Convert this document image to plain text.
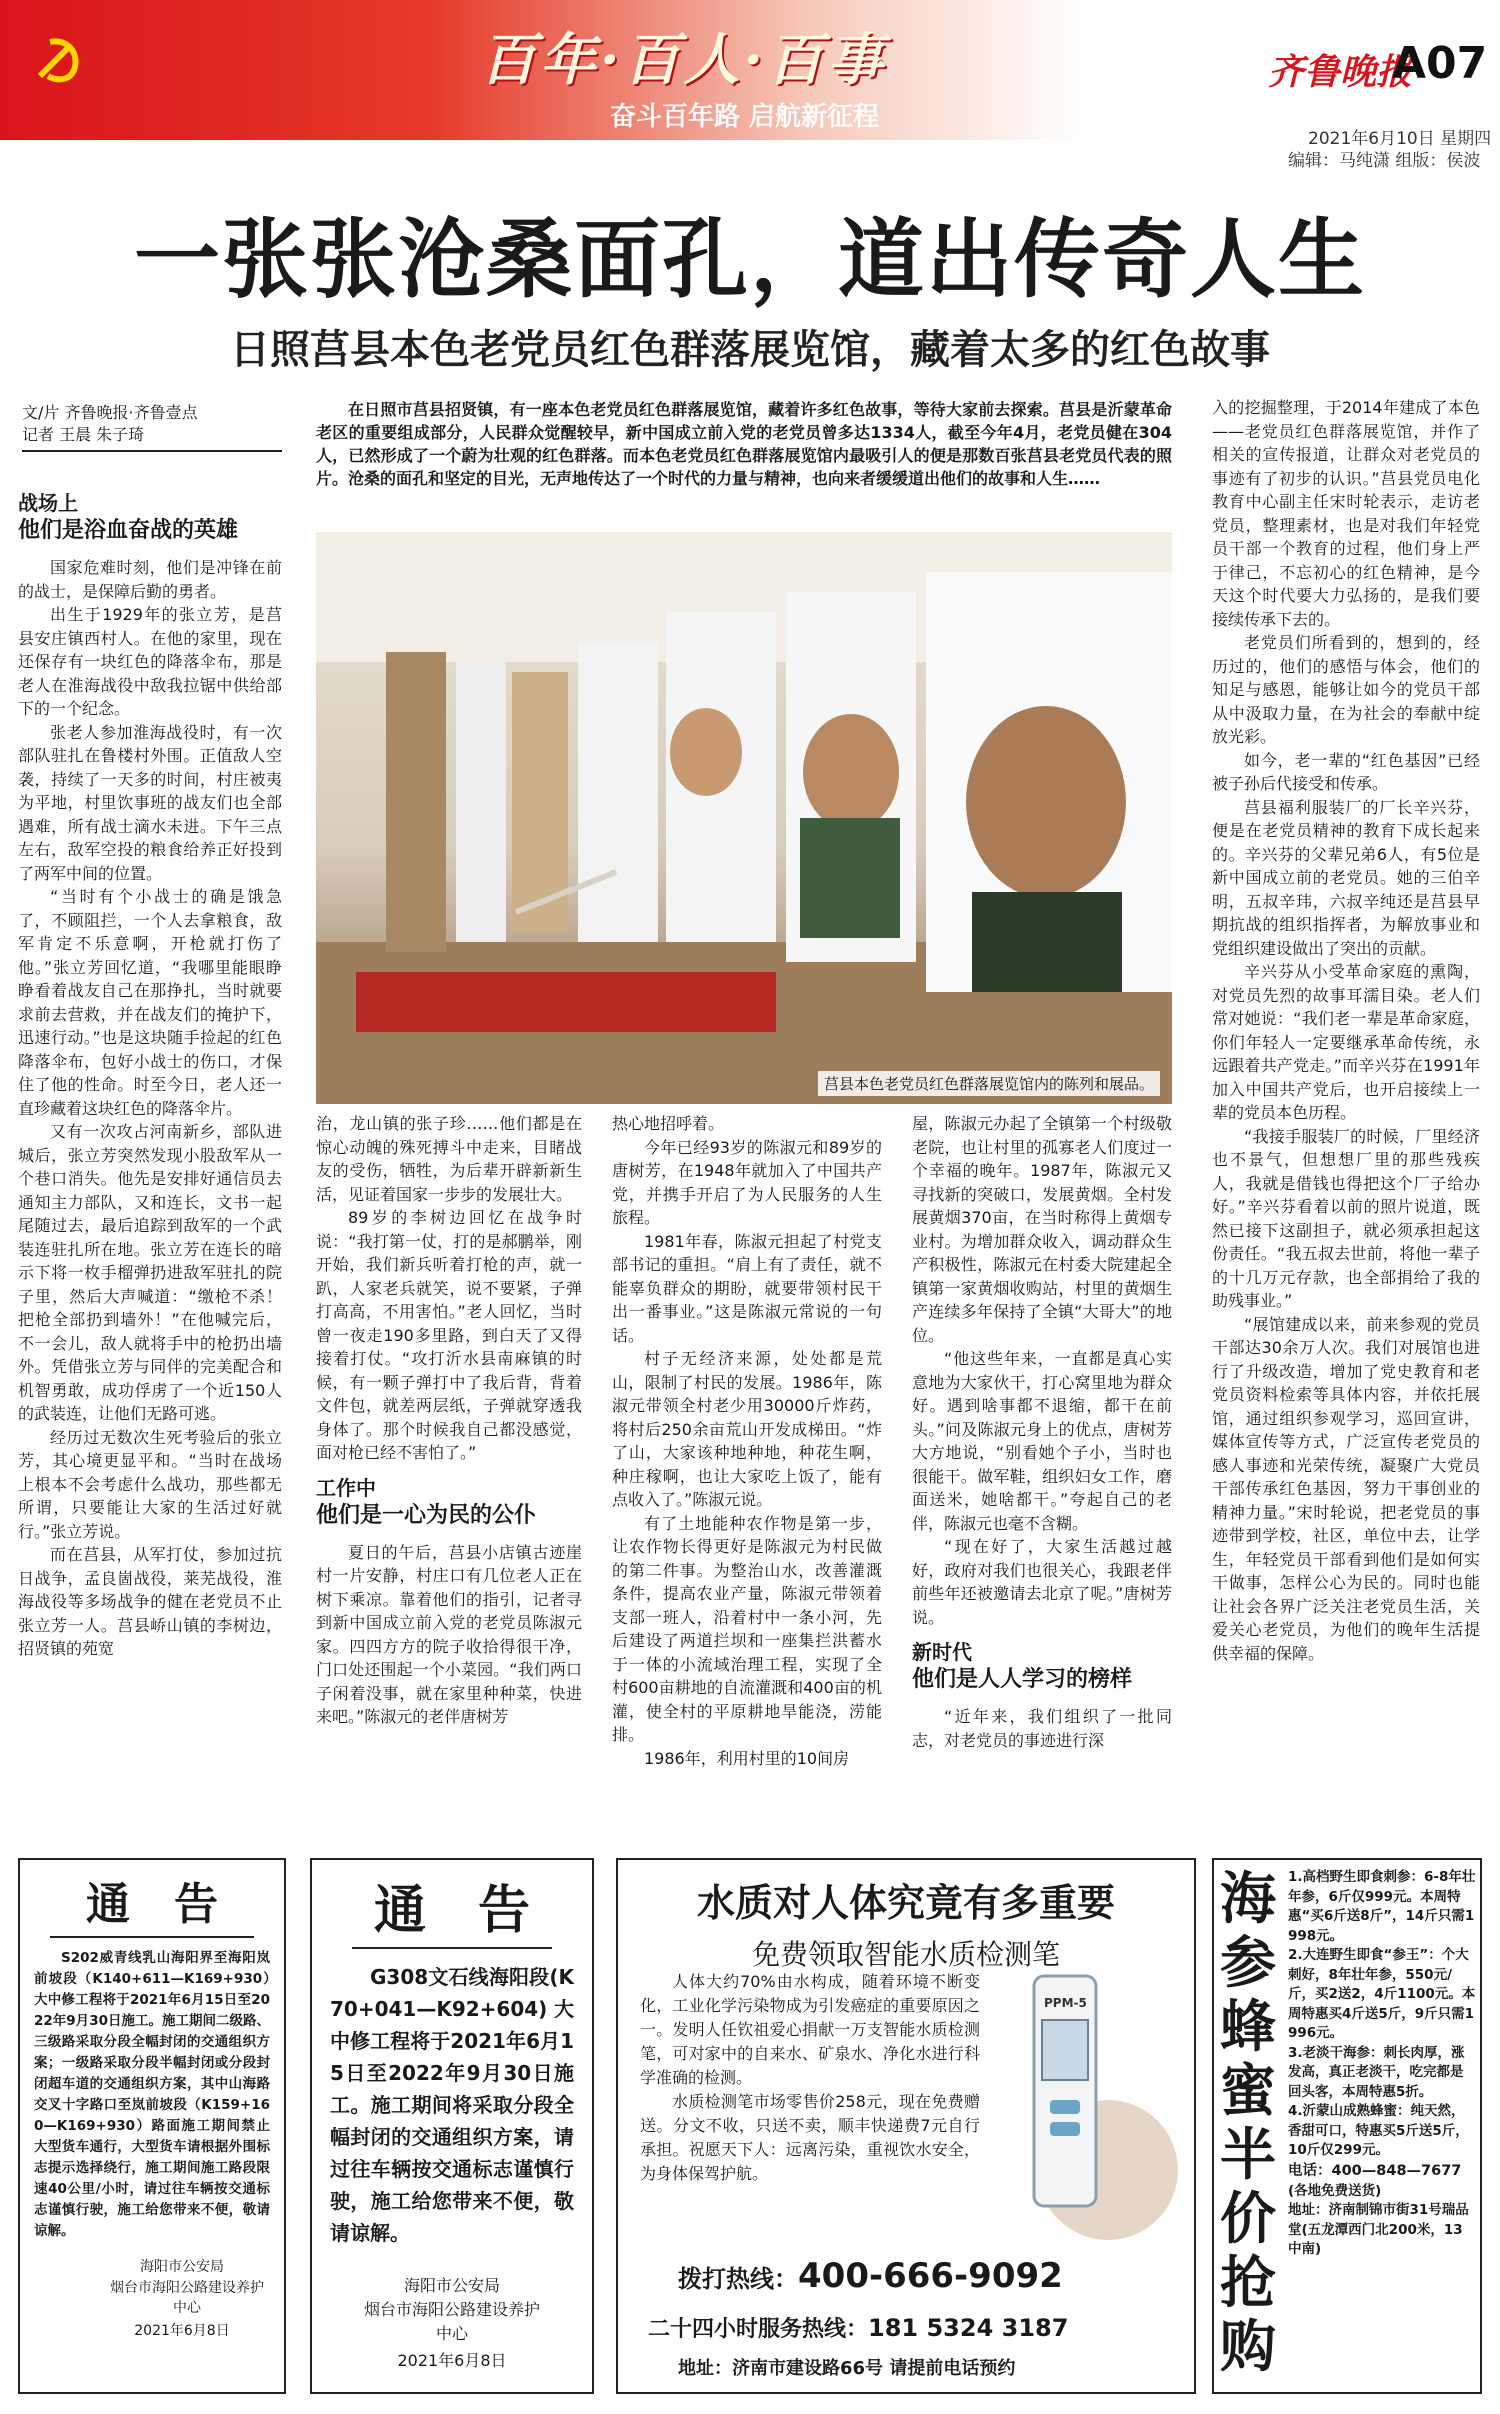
百年·百人·百事
奋斗百年路 启航新征程
齐鲁晚报
A07
2021年6月10日 星期四
编辑：马纯潇 组版：侯波
一张张沧桑面孔，道出传奇人生
日照莒县本色老党员红色群落展览馆，藏着太多的红色故事
文/片 齐鲁晚报·齐鲁壹点
记者 王晨 朱子琦

在日照市莒县招贤镇，有一座本色老党员红色群落展览馆，藏着许多红色故事，等待大家前去探索。莒县是沂蒙革命老区的重要组成部分，人民群众觉醒较早，新中国成立前入党的老党员曾多达1334人，截至今年4月，老党员健在304人，已然形成了一个蔚为壮观的红色群落。而本色老党员红色群落展览馆内最吸引人的便是那数百张莒县老党员代表的照片。沧桑的面孔和坚定的目光，无声地传达了一个时代的力量与精神，也向来者缓缓道出他们的故事和人生……

莒县本色老党员红色群落展览馆内的陈列和展品。
战场上
他们是浴血奋战的英雄

国家危难时刻，他们是冲锋在前的战士，是保障后勤的勇者。

出生于1929年的张立芳，是莒县安庄镇西村人。在他的家里，现在还保存有一块红色的降落伞布，那是老人在淮海战役中敌我拉锯中供给部下的一个纪念。

张老人参加淮海战役时，有一次部队驻扎在鲁楼村外围。正值敌人空袭，持续了一天多的时间，村庄被夷为平地，村里饮事班的战友们也全部遇难，所有战士滴水未进。下午三点左右，敌军空投的粮食给养正好投到了两军中间的位置。

“当时有个小战士的确是饿急了，不顾阻拦，一个人去拿粮食，敌军肯定不乐意啊，开枪就打伤了他。”张立芳回忆道，“我哪里能眼睁睁看着战友自己在那挣扎，当时就要求前去营救，并在战友们的掩护下，迅速行动。”也是这块随手捡起的红色降落伞布，包好小战士的伤口，才保住了他的性命。时至今日，老人还一直珍藏着这块红色的降落伞片。

又有一次攻占河南新乡，部队进城后，张立芳突然发现小股敌军从一个巷口消失。他先是安排好通信员去通知主力部队，又和连长，文书一起尾随过去，最后追踪到敌军的一个武装连驻扎所在地。张立芳在连长的暗示下将一枚手榴弹扔进敌军驻扎的院子里，然后大声喊道：“缴枪不杀！把枪全部扔到墙外！”在他喊完后，不一会儿，敌人就将手中的枪扔出墙外。凭借张立芳与同伴的完美配合和机智勇敢，成功俘虏了一个近150人的武装连，让他们无路可逃。

经历过无数次生死考验后的张立芳，其心境更显平和。“当时在战场上根本不会考虑什么战功，那些都无所谓，只要能让大家的生活过好就行。”张立芳说。

而在莒县，从军打仗，参加过抗日战争，孟良崮战役，莱芜战役，淮海战役等多场战争的健在老党员不止张立芳一人。莒县峤山镇的李树边，招贤镇的苑宽

治，龙山镇的张子珍……他们都是在惊心动魄的殊死搏斗中走来，目睹战友的受伤，牺牲，为后辈开辟新新生活，见证着国家一步步的发展壮大。

89岁的李树边回忆在战争时说：“我打第一仗，打的是郝鹏举，刚开始，我们新兵听着打枪的声，就一趴，人家老兵就笑，说不要紧，子弹打高高，不用害怕。”老人回忆，当时曾一夜走190多里路，到白天了又得接着打仗。“攻打沂水县南麻镇的时候，有一颗子弹打中了我后背，背着文件包，就差两层纸，子弹就穿透我身体了。那个时候我自己都没感觉，面对枪已经不害怕了。”

工作中
他们是一心为民的公仆

夏日的午后，莒县小店镇古迹崖村一片安静，村庄口有几位老人正在树下乘凉。靠着他们的指引，记者寻到新中国成立前入党的老党员陈淑元家。四四方方的院子收拾得很干净，门口处还围起一个小菜园。“我们两口子闲着没事，就在家里种种菜，快进来吧。”陈淑元的老伴唐树芳

热心地招呼着。

今年已经93岁的陈淑元和89岁的唐树芳，在1948年就加入了中国共产党，并携手开启了为人民服务的人生旅程。

1981年春，陈淑元担起了村党支部书记的重担。“肩上有了责任，就不能辜负群众的期盼，就要带领村民干出一番事业。”这是陈淑元常说的一句话。

村子无经济来源，处处都是荒山，限制了村民的发展。1986年，陈淑元带领全村老少用30000斤炸药，将村后250余亩荒山开发成梯田。“炸了山，大家该种地种地，种花生啊，种庄稼啊，也让大家吃上饭了，能有点收入了。”陈淑元说。

有了土地能种农作物是第一步，让农作物长得更好是陈淑元为村民做的第二件事。为整治山水，改善灌溉条件，提高农业产量，陈淑元带领着支部一班人，沿着村中一条小河，先后建设了两道拦坝和一座集拦洪蓄水于一体的小流域治理工程，实现了全村600亩耕地的自流灌溉和400亩的机灌，使全村的平原耕地旱能浇，涝能排。

1986年，利用村里的10间房

屋，陈淑元办起了全镇第一个村级敬老院，也让村里的孤寡老人们度过一个幸福的晚年。1987年，陈淑元又寻找新的突破口，发展黄烟。全村发展黄烟370亩，在当时称得上黄烟专业村。为增加群众收入，调动群众生产积极性，陈淑元在村委大院建起全镇第一家黄烟收购站，村里的黄烟生产连续多年保持了全镇“大哥大”的地位。

“他这些年来，一直都是真心实意地为大家伙干，打心窝里地为群众好。遇到啥事都不退缩，都干在前头。”问及陈淑元身上的优点，唐树芳大方地说，“别看她个子小，当时也很能干。做军鞋，组织妇女工作，磨面送米，她啥都干。”夸起自己的老伴，陈淑元也毫不含糊。

“现在好了，大家生活越过越好，政府对我们也很关心，我跟老伴前些年还被邀请去北京了呢。”唐树芳说。

新时代
他们是人人学习的榜样

“近年来，我们组织了一批同志，对老党员的事迹进行深

入的挖掘整理，于2014年建成了本色——老党员红色群落展览馆，并作了相关的宣传报道，让群众对老党员的事迹有了初步的认识。”莒县党员电化教育中心副主任宋时轮表示，走访老党员，整理素材，也是对我们年轻党员干部一个教育的过程，他们身上严于律己，不忘初心的红色精神，是今天这个时代要大力弘扬的，是我们要接续传承下去的。

老党员们所看到的，想到的，经历过的，他们的感悟与体会，他们的知足与感恩，能够让如今的党员干部从中汲取力量，在为社会的奉献中绽放光彩。

如今，老一辈的“红色基因”已经被子孙后代接受和传承。

莒县福利服装厂的厂长辛兴芬，便是在老党员精神的教育下成长起来的。辛兴芬的父辈兄弟6人，有5位是新中国成立前的老党员。她的三伯辛明，五叔辛玮，六叔辛纯还是莒县早期抗战的组织指挥者，为解放事业和党组织建设做出了突出的贡献。

辛兴芬从小受革命家庭的熏陶，对党员先烈的故事耳濡目染。老人们常对她说：“我们老一辈是革命家庭，你们年轻人一定要继承革命传统，永远跟着共产党走。”而辛兴芬在1991年加入中国共产党后，也开启接续上一辈的党员本色历程。

“我接手服装厂的时候，厂里经济也不景气，但想想厂里的那些残疾人，我就是借钱也得把这个厂子给办好。”辛兴芬看着以前的照片说道，既然已接下这副担子，就必须承担起这份责任。“我五叔去世前，将他一辈子的十几万元存款，也全部捐给了我的助残事业。”

“展馆建成以来，前来参观的党员干部达30余万人次。我们对展馆也进行了升级改造，增加了党史教育和老党员资料检索等具体内容，并依托展馆，通过组织参观学习，巡回宣讲，媒体宣传等方式，广泛宣传老党员的感人事迹和光荣传统，凝聚广大党员干部传承红色基因，努力干事创业的精神力量。”宋时轮说，把老党员的事迹带到学校，社区，单位中去，让学生，年轻党员干部看到他们是如何实干做事，怎样公心为民的。同时也能让社会各界广泛关注老党员生活，关爱关心老党员，为他们的晚年生活提供幸福的保障。

通　告
S202威青线乳山海阳界至海阳岚前坡段（K140+611—K169+930）大中修工程将于2021年6月15日至2022年9月30日施工。施工期间二级路、三级路采取分段全幅封闭的交通组织方案；一级路采取分段半幅封闭或分段封闭超车道的交通组织方案，其中山海路交叉十字路口至岚前坡段（K159+160—K169+930）路面施工期间禁止大型货车通行，大型货车请根据外围标志提示选择绕行，施工期间施工路段限速40公里/小时，请过往车辆按交通标志谨慎行驶，施工给您带来不便，敬请谅解。
海阳市公安局
烟台市海阳公路建设养护中心
2021年6月8日
通　告
G308文石线海阳段(K70+041—K92+604)大中修工程将于2021年6月15日至2022年9月30日施工。施工期间将采取分段全幅封闭的交通组织方案，请过往车辆按交通标志谨慎行驶，施工给您带来不便，敬请谅解。
海阳市公安局
烟台市海阳公路建设养护中心
2021年6月8日
水质对人体究竟有多重要
免费领取智能水质检测笔

人体大约70%由水构成，随着环境不断变化，工业化学污染物成为引发癌症的重要原因之一。发明人任钦祖爱心捐献一万支智能水质检测笔，可对家中的自来水、矿泉水、净化水进行科学准确的检测。

水质检测笔市场零售价258元，现在免费赠送。分文不收，只送不卖，顺丰快递费7元自行承担。祝愿天下人：远离污染，重视饮水安全，为身体保驾护航。

PPM-5
拨打热线：400-666-9092
二十四小时服务热线：181 5324 3187
地址：济南市建设路66号 请提前电话预约
海参蜂蜜半价抢购

1.高档野生即食刺参：6-8年壮年参，6斤仅999元。本周特惠“买6斤送8斤”，14斤只需1998元。

2.大连野生即食“参王”：个大刺好，8年壮年参，550元/斤，买2送2，4斤1100元。本周特惠买4斤送5斤，9斤只需1996元。

3.老淡干海参：刺长肉厚，涨发高，真正老淡干，吃完都是回头客，本周特惠5折。

4.沂蒙山成熟蜂蜜：纯天然，香甜可口，特惠买5斤送5斤，10斤仅299元。

电话：400—848—7677

(各地免费送货)

地址：济南制锦市街31号瑞品堂(五龙潭西门北200米，13中南)
